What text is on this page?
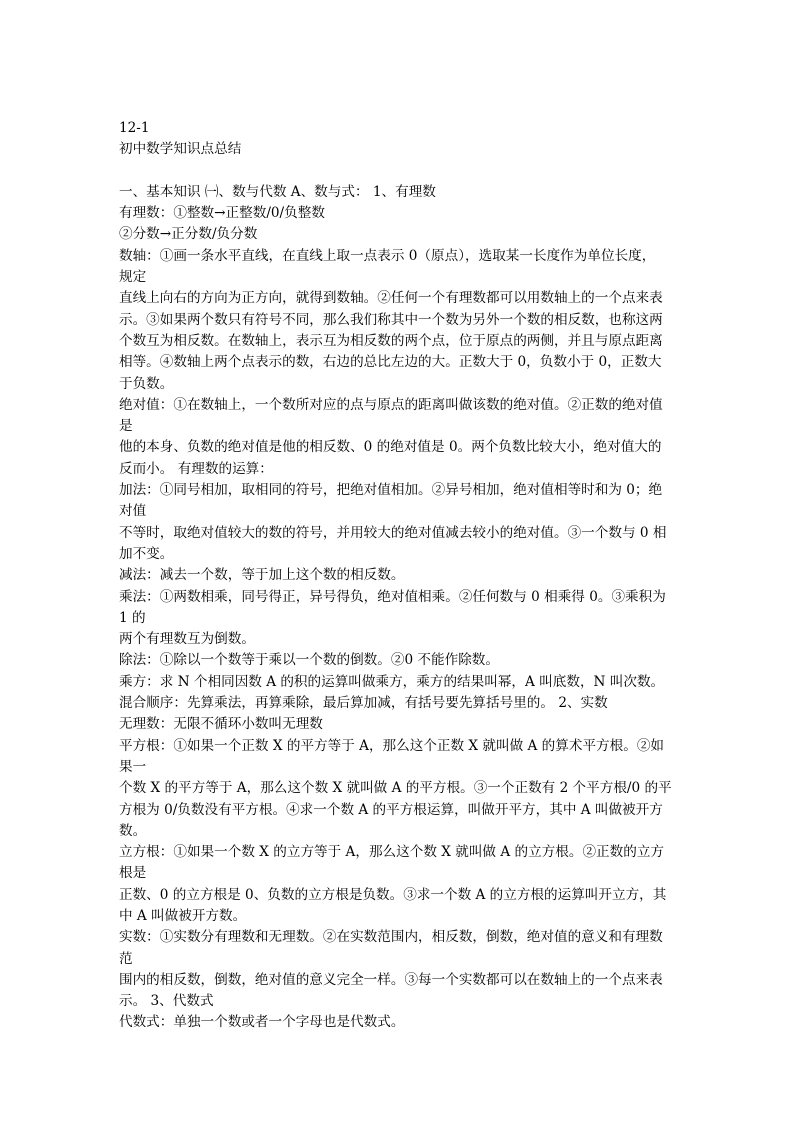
12-1
初中数学知识点总结
一、基本知识 ㈠、数与代数 A、数与式： 1、有理数
有理数：①整数→正整数/0/负整数
②分数→正分数/负分数
数轴：①画一条水平直线，在直线上取一点表示 0（原点），选取某一长度作为单位长度，
规定
直线上向右的方向为正方向，就得到数轴。②任何一个有理数都可以用数轴上的一个点来表
示。③如果两个数只有符号不同，那么我们称其中一个数为另外一个数的相反数，也称这两
个数互为相反数。在数轴上，表示互为相反数的两个点，位于原点的两侧，并且与原点距离
相等。④数轴上两个点表示的数，右边的总比左边的大。正数大于 0，负数小于 0，正数大
于负数。
绝对值：①在数轴上，一个数所对应的点与原点的距离叫做该数的绝对值。②正数的绝对值
是
他的本身、负数的绝对值是他的相反数、0 的绝对值是 0。两个负数比较大小，绝对值大的
反而小。 有理数的运算：
加法：①同号相加，取相同的符号，把绝对值相加。②异号相加，绝对值相等时和为 0；绝
对值
不等时，取绝对值较大的数的符号，并用较大的绝对值减去较小的绝对值。③一个数与 0 相
加不变。
减法：减去一个数，等于加上这个数的相反数。
乘法：①两数相乘，同号得正，异号得负，绝对值相乘。②任何数与 0 相乘得 0。③乘积为
1 的
两个有理数互为倒数。
除法：①除以一个数等于乘以一个数的倒数。②0 不能作除数。
乘方：求 N 个相同因数 A 的积的运算叫做乘方，乘方的结果叫幂，A 叫底数，N 叫次数。
混合顺序：先算乘法，再算乘除，最后算加减，有括号要先算括号里的。 2、实数
无理数：无限不循环小数叫无理数
平方根：①如果一个正数 X 的平方等于 A，那么这个正数 X 就叫做 A 的算术平方根。②如
果一
个数 X 的平方等于 A，那么这个数 X 就叫做 A 的平方根。③一个正数有 2 个平方根/0 的平
方根为 0/负数没有平方根。④求一个数 A 的平方根运算，叫做开平方，其中 A 叫做被开方
数。
立方根：①如果一个数 X 的立方等于 A，那么这个数 X 就叫做 A 的立方根。②正数的立方
根是
正数、0 的立方根是 0、负数的立方根是负数。③求一个数 A 的立方根的运算叫开立方，其
中 A 叫做被开方数。
实数：①实数分有理数和无理数。②在实数范围内，相反数，倒数，绝对值的意义和有理数
范
围内的相反数，倒数，绝对值的意义完全一样。③每一个实数都可以在数轴上的一个点来表
示。 3、代数式
代数式：单独一个数或者一个字母也是代数式。
